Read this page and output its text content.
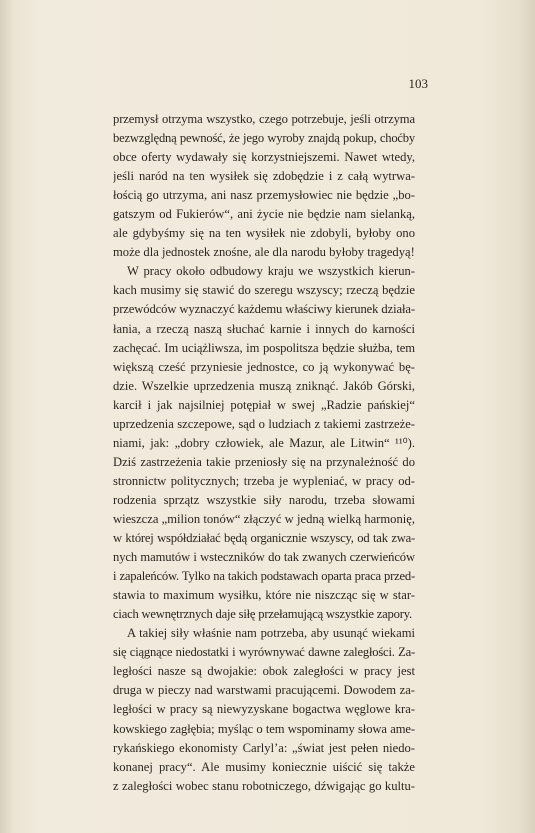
103
przemysł otrzyma wszystko, czego potrzebuje, jeśli otrzyma
bezwzględną pewność, że jego wyroby znajdą pokup, choćby
obce oferty wydawały się korzystniejszemi. Nawet wtedy,
jeśli naród na ten wysiłek się zdobędzie i z całą wytrwa-
łością go utrzyma, ani nasz przemysłowiec nie będzie „bo-
gatszym od Fukierów“, ani życie nie będzie nam sielanką,
ale gdybyśmy się na ten wysiłek nie zdobyli, byłoby ono
może dla jednostek znośne, ale dla narodu byłoby tragedyą!
W pracy około odbudowy kraju we wszystkich kierun-
kach musimy się stawić do szeregu wszyscy; rzeczą będzie
przewódców wyznaczyć każdemu właściwy kierunek działa-
łania, a rzeczą naszą słuchać karnie i innych do karności
zachęcać. Im uciążliwsza, im pospolitsza będzie służba, tem
większą cześć przyniesie jednostce, co ją wykonywać bę-
dzie. Wszelkie uprzedzenia muszą zniknąć. Jakób Górski,
karcił i jak najsilniej potępiał w swej „Radzie pańskiej“
uprzedzenia szczepowe, sąd o ludziach z takiemi zastrzeże-
niami, jak: „dobry człowiek, ale Mazur, ale Litwin“ ¹¹⁰).
Dziś zastrzeżenia takie przeniosły się na przynależność do
stronnictw politycznych; trzeba je wypleniać, w pracy od-
rodzenia sprzątz wszystkie siły narodu, trzeba słowami
wieszcza „milion tonów“ złączyć w jedną wielką harmonię,
w której współdziałać będą organicznie wszyscy, od tak zwa-
nych mamutów i wsteczników do tak zwanych czerwieńców
i zapaleńców. Tylko na takich podstawach oparta praca przed-
stawia to maximum wysiłku, które nie niszcząc się w star-
ciach wewnętrznych daje siłę przełamującą wszystkie zapory.
A takiej siły właśnie nam potrzeba, aby usunąć wiekami
się ciągnące niedostatki i wyrównywać dawne zaległości. Za-
ległości nasze są dwojakie: obok zaległości w pracy jest
druga w pieczy nad warstwami pracującemi. Dowodem za-
ległości w pracy są niewyzyskane bogactwa węglowe kra-
kowskiego zagłębia; myśląc o tem wspominamy słowa ame-
rykańskiego ekonomisty Carlyl’a: „świat jest pełen niedo-
konanej pracy“. Ale musimy koniecznie uiścić się także
z zaległości wobec stanu robotniczego, dźwigając go kultu-
